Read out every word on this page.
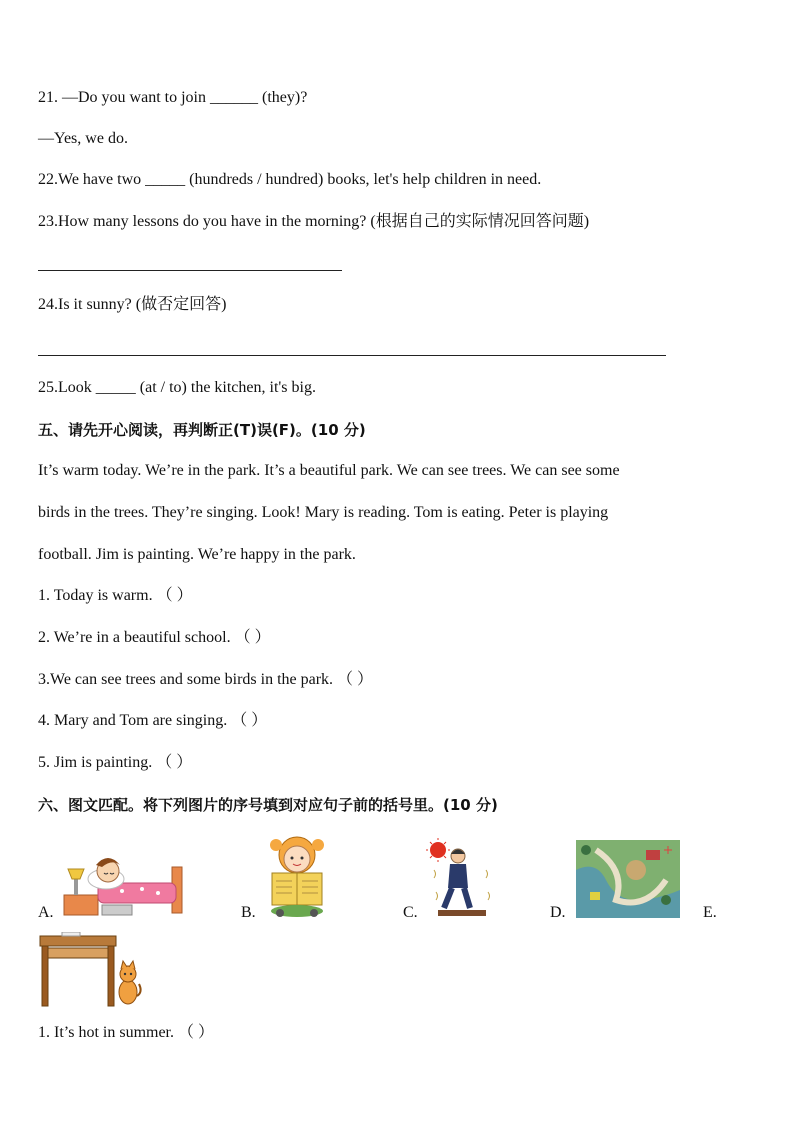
21. —Do you want to join ______ (they)?
—Yes, we do.
22.We have two _____ (hundreds / hundred) books, let's help children in need.
23.How many lessons do you have in the morning? (根据自己的实际情况回答问题)
24.Is it sunny? (做否定回答)
25.Look _____ (at / to) the kitchen, it's big.
五、请先开心阅读，再判断正(T)误(F)。(10 分)
It’s warm today. We’re in the park. It’s a beautiful park. We can see trees. We can see some
birds in the trees. They’re singing. Look! Mary is reading. Tom is eating. Peter is playing
football. Jim is painting. We’re happy in the park.
1. Today is warm. （ ）
2. We’re in a beautiful school. （ ）
3.We can see trees and some birds in the park. （ ）
4. Mary and Tom are singing. （ ）
5. Jim is painting. （ ）
六、图文匹配。将下列图片的序号填到对应句子前的括号里。(10 分)
A.	B.	C.	D.	E.
1. It’s hot in summer. （ ）
